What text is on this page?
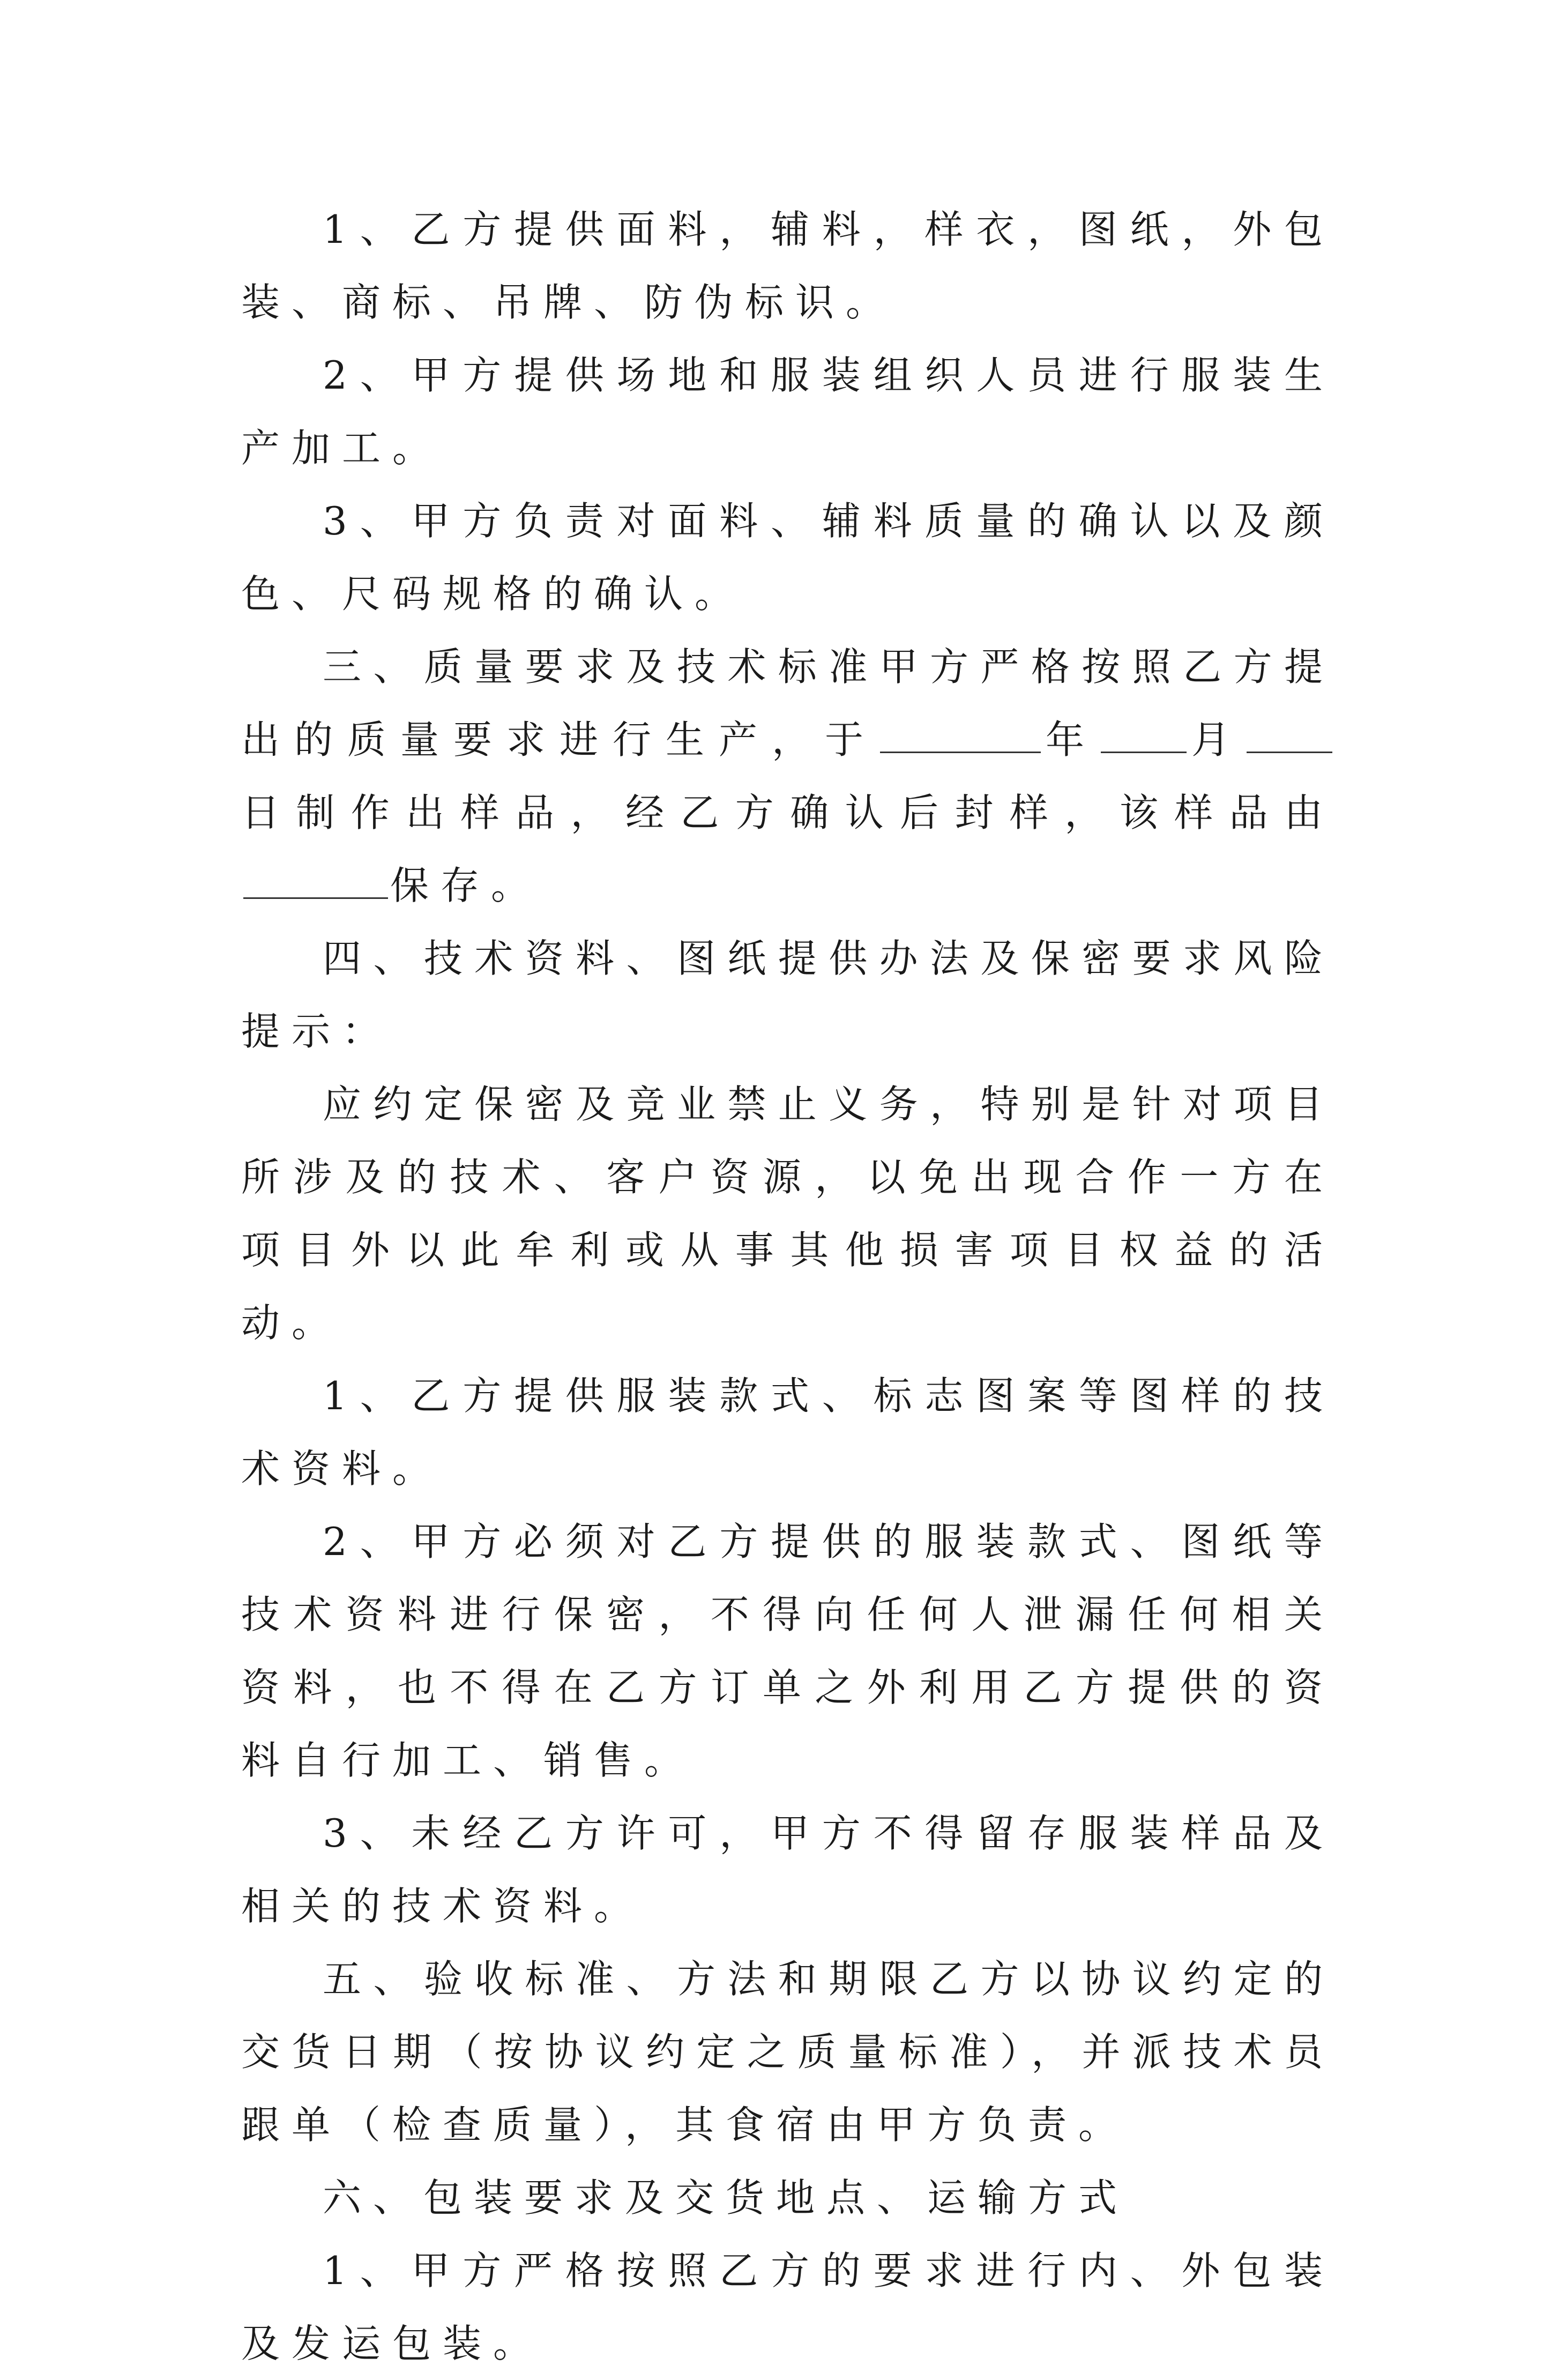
1、乙方提供面料，辅料，样衣，图纸，外包装、商标、吊牌、防伪标识。

2、甲方提供场地和服装组织人员进行服装生产加工。

3、甲方负责对面料、辅料质量的确认以及颜色、尺码规格的确认。

三、质量要求及技术标准甲方严格按照乙方提出的质量要求进行生产，于	年 月日制作出样品，经乙方确认后封样，该样品由保存。

四、技术资料、图纸提供办法及保密要求风险提示：

应约定保密及竞业禁止义务，特别是针对项目所涉及的技术、客户资源，以免出现合作一方在项目外以此牟利或从事其他损害项目权益的活动。

1、乙方提供服装款式、标志图案等图样的技术资料。

2、甲方必须对乙方提供的服装款式、图纸等技术资料进行保密，不得向任何人泄漏任何相关资料，也不得在乙方订单之外利用乙方提供的资料自行加工、销售。

3、未经乙方许可，甲方不得留存服装样品及相关的技术资料。

五、验收标准、方法和期限乙方以协议约定的交货日期（按协议约定之质量标准），并派技术员跟单（检查质量），其食宿由甲方负责。

六、包装要求及交货地点、运输方式

1、甲方严格按照乙方的要求进行内、外包装及发运包装。
